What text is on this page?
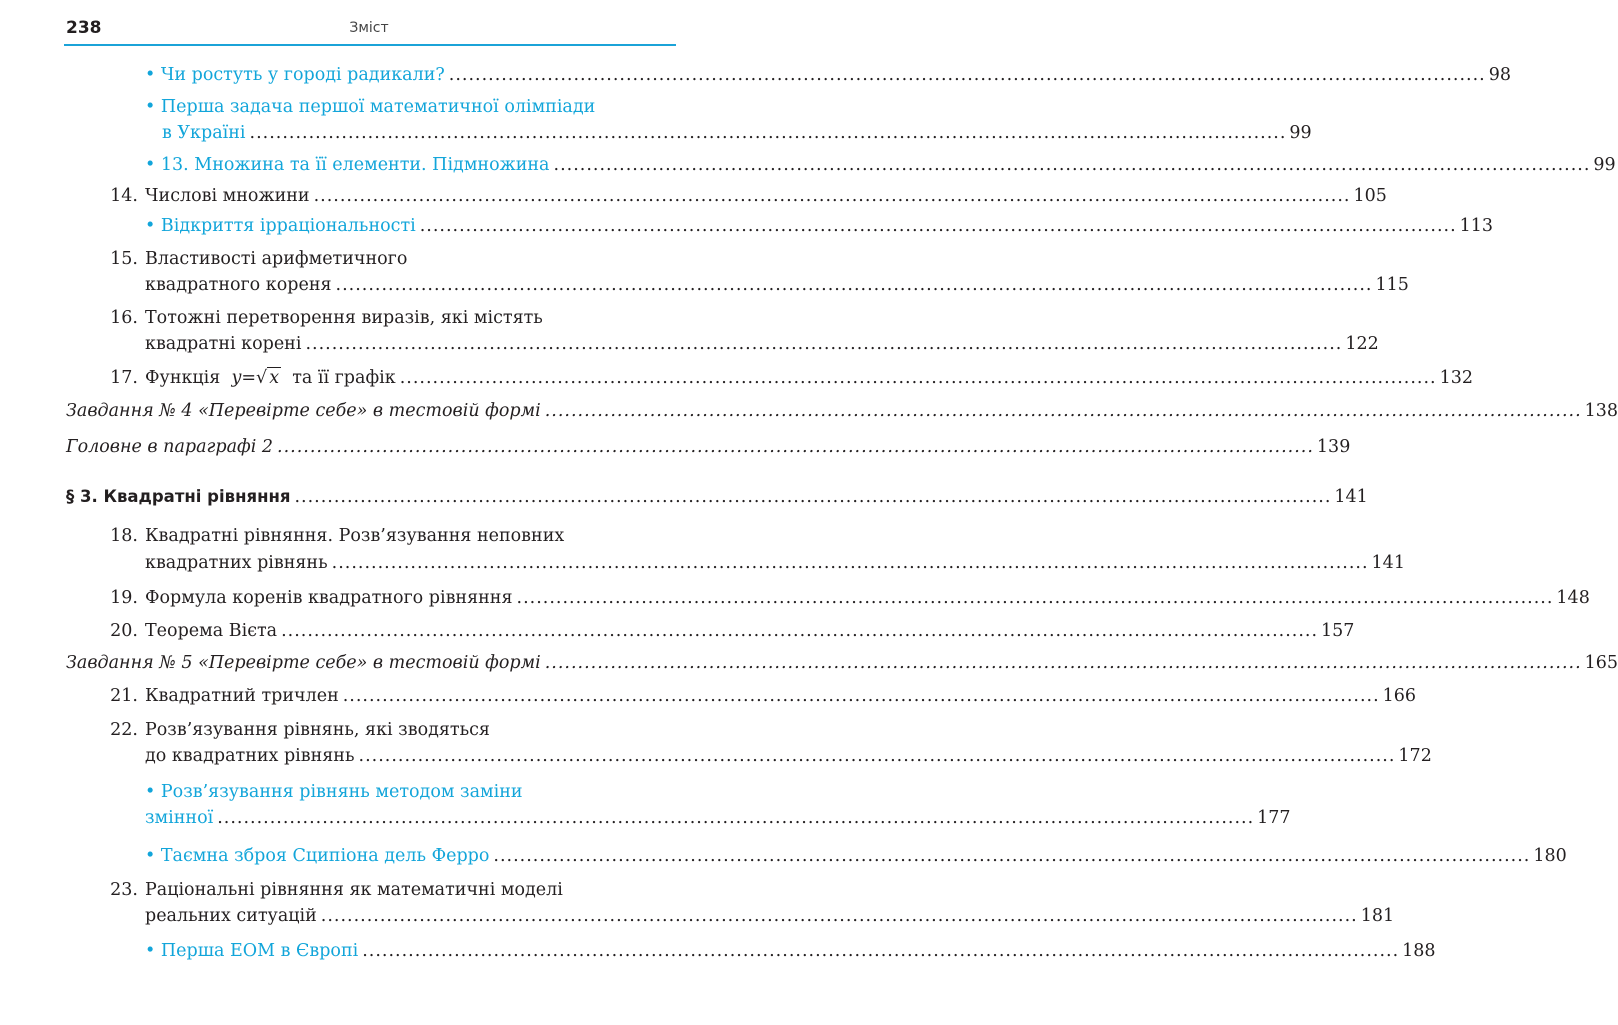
238	Зміст
• Чи ростуть у городі радикали? .....	98
• Перша задача першої математичної олімпіади
в Україні .....	99
• 13. Множина та її елементи. Підмножина .....	99
14. Числові множини .....	105
• Відкриття ірраціональності .....	113
15. Властивості арифметичного
квадратного кореня .....	115
16. Тотожні перетворення виразів, які містять
квадратні корені .....	122
17. Функція y=√ x та її графік .....	132
Завдання № 4 «Перевірте себе» в тестовій формі .....	138
Головне в параграфі 2 .....	139
§ 3. Квадратні рівняння .....	141
18. Квадратні рівняння. Розв’язування неповних
квадратних рівнянь .....	141
19. Формула коренів квадратного рівняння .....	148
20. Теорема Вієта .....	157
Завдання № 5 «Перевірте себе» в тестовій формі .....	165
21. Квадратний тричлен .....	166
22. Розв’язування рівнянь, які зводяться
до квадратних рівнянь .....	172
• Розв’язування рівнянь методом заміни
змінної .....	177
• Таємна зброя Сципіона дель Ферро .....	180
23. Раціональні рівняння як математичні моделі
реальних ситуацій .....	181
• Перша ЕОМ в Європі .....	188
